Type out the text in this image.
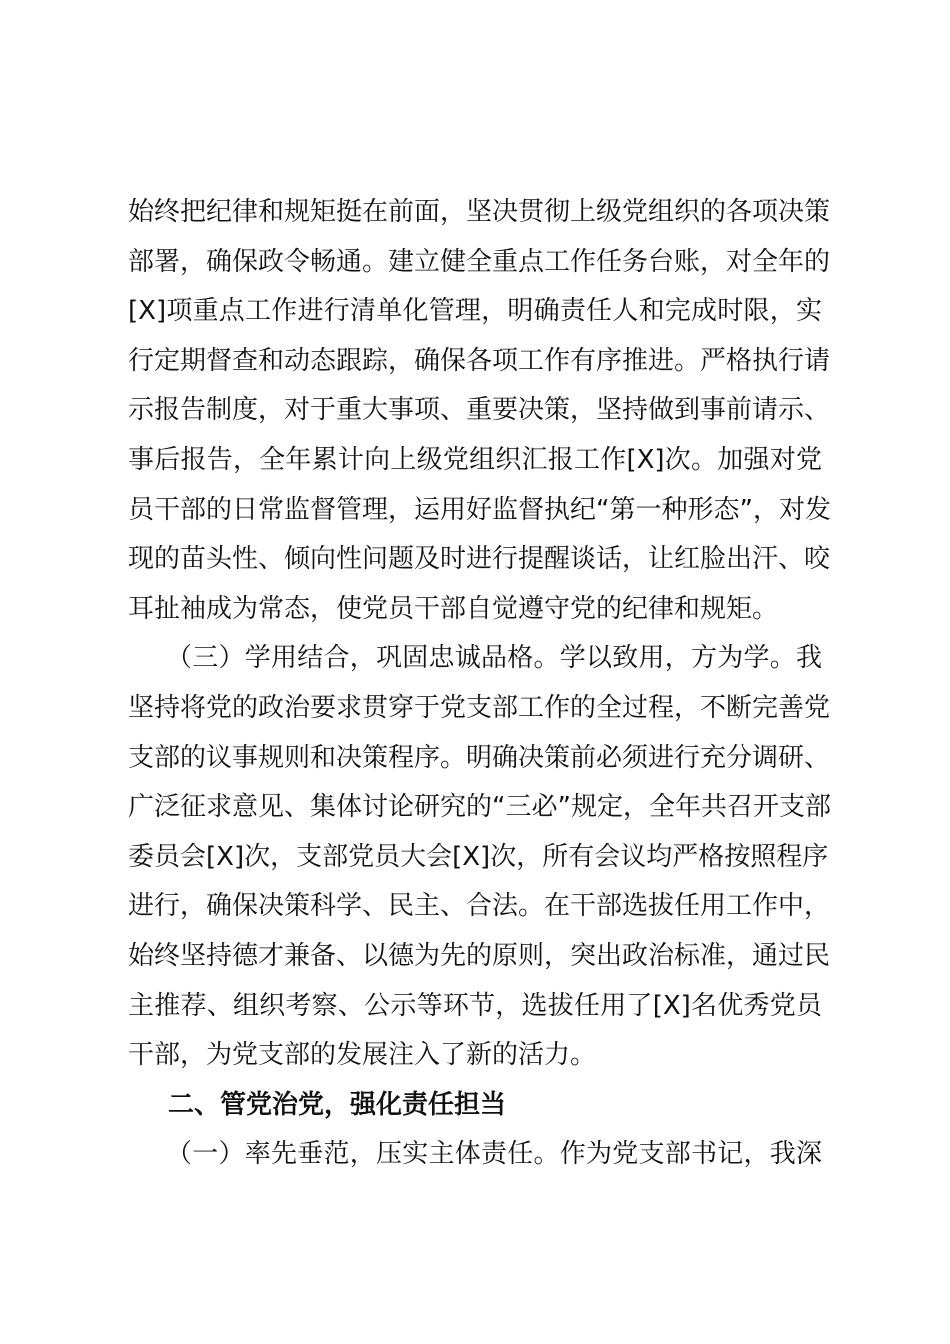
始终把纪律和规矩挺在前面，坚决贯彻上级党组织的各项决策
部署，确保政令畅通。建立健全重点工作任务台账，对全年的
[X]项重点工作进行清单化管理，明确责任人和完成时限，实
行定期督查和动态跟踪，确保各项工作有序推进。严格执行请
示报告制度，对于重大事项、重要决策，坚持做到事前请示、
事后报告，全年累计向上级党组织汇报工作[X]次。加强对党
员干部的日常监督管理，运用好监督执纪“第一种形态”，对发
现的苗头性、倾向性问题及时进行提醒谈话，让红脸出汗、咬
耳扯袖成为常态，使党员干部自觉遵守党的纪律和规矩。
（三）学用结合，巩固忠诚品格。学以致用，方为学。我
坚持将党的政治要求贯穿于党支部工作的全过程，不断完善党
支部的议事规则和决策程序。明确决策前必须进行充分调研、
广泛征求意见、集体讨论研究的“三必”规定，全年共召开支部
委员会[X]次，支部党员大会[X]次，所有会议均严格按照程序
进行，确保决策科学、民主、合法。在干部选拔任用工作中，
始终坚持德才兼备、以德为先的原则，突出政治标准，通过民
主推荐、组织考察、公示等环节，选拔任用了[X]名优秀党员
干部，为党支部的发展注入了新的活力。
二、管党治党，强化责任担当
（一）率先垂范，压实主体责任。作为党支部书记，我深
